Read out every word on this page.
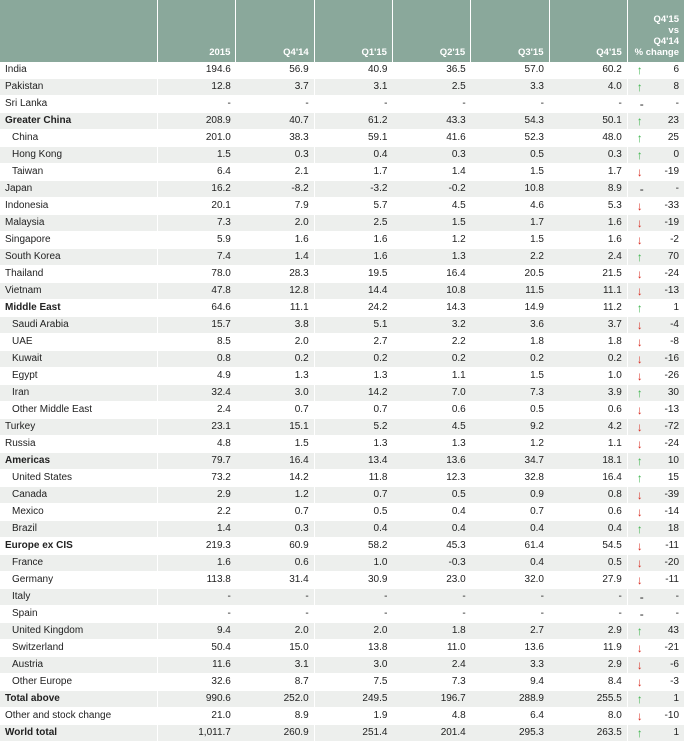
	2015	Q4'14	Q1'15	Q2'15	Q3'15	Q4'15	Q4'15
vs
Q4'14
% change
India	194.6	56.9	40.9	36.5	57.0	60.2	↑ 6
Pakistan	12.8	3.7	3.1	2.5	3.3	4.0	↑ 8
Sri Lanka	-	-	-	-	-	-	- -
Greater China	208.9	40.7	61.2	43.3	54.3	50.1	↑ 23
China	201.0	38.3	59.1	41.6	52.3	48.0	↑ 25
Hong Kong	1.5	0.3	0.4	0.3	0.5	0.3	↑ 0
Taiwan	6.4	2.1	1.7	1.4	1.5	1.7	↓ -19
Japan	16.2	-8.2	-3.2	-0.2	10.8	8.9	- -
Indonesia	20.1	7.9	5.7	4.5	4.6	5.3	↓ -33
Malaysia	7.3	2.0	2.5	1.5	1.7	1.6	↓ -19
Singapore	5.9	1.6	1.6	1.2	1.5	1.6	↓ -2
South Korea	7.4	1.4	1.6	1.3	2.2	2.4	↑ 70
Thailand	78.0	28.3	19.5	16.4	20.5	21.5	↓ -24
Vietnam	47.8	12.8	14.4	10.8	11.5	11.1	↓ -13
Middle East	64.6	11.1	24.2	14.3	14.9	11.2	↑ 1
Saudi Arabia	15.7	3.8	5.1	3.2	3.6	3.7	↓ -4
UAE	8.5	2.0	2.7	2.2	1.8	1.8	↓ -8
Kuwait	0.8	0.2	0.2	0.2	0.2	0.2	↓ -16
Egypt	4.9	1.3	1.3	1.1	1.5	1.0	↓ -26
Iran	32.4	3.0	14.2	7.0	7.3	3.9	↑ 30
Other Middle East	2.4	0.7	0.7	0.6	0.5	0.6	↓ -13
Turkey	23.1	15.1	5.2	4.5	9.2	4.2	↓ -72
Russia	4.8	1.5	1.3	1.3	1.2	1.1	↓ -24
Americas	79.7	16.4	13.4	13.6	34.7	18.1	↑ 10
United States	73.2	14.2	11.8	12.3	32.8	16.4	↑ 15
Canada	2.9	1.2	0.7	0.5	0.9	0.8	↓ -39
Mexico	2.2	0.7	0.5	0.4	0.7	0.6	↓ -14
Brazil	1.4	0.3	0.4	0.4	0.4	0.4	↑ 18
Europe ex CIS	219.3	60.9	58.2	45.3	61.4	54.5	↓ -11
France	1.6	0.6	1.0	-0.3	0.4	0.5	↓ -20
Germany	113.8	31.4	30.9	23.0	32.0	27.9	↓ -11
Italy	-	-	-	-	-	-	- -
Spain	-	-	-	-	-	-	- -
United Kingdom	9.4	2.0	2.0	1.8	2.7	2.9	↑ 43
Switzerland	50.4	15.0	13.8	11.0	13.6	11.9	↓ -21
Austria	11.6	3.1	3.0	2.4	3.3	2.9	↓ -6
Other Europe	32.6	8.7	7.5	7.3	9.4	8.4	↓ -3
Total above	990.6	252.0	249.5	196.7	288.9	255.5	↑ 1
Other and stock change	21.0	8.9	1.9	4.8	6.4	8.0	↓ -10
World total	1,011.7	260.9	251.4	201.4	295.3	263.5	↑ 1
